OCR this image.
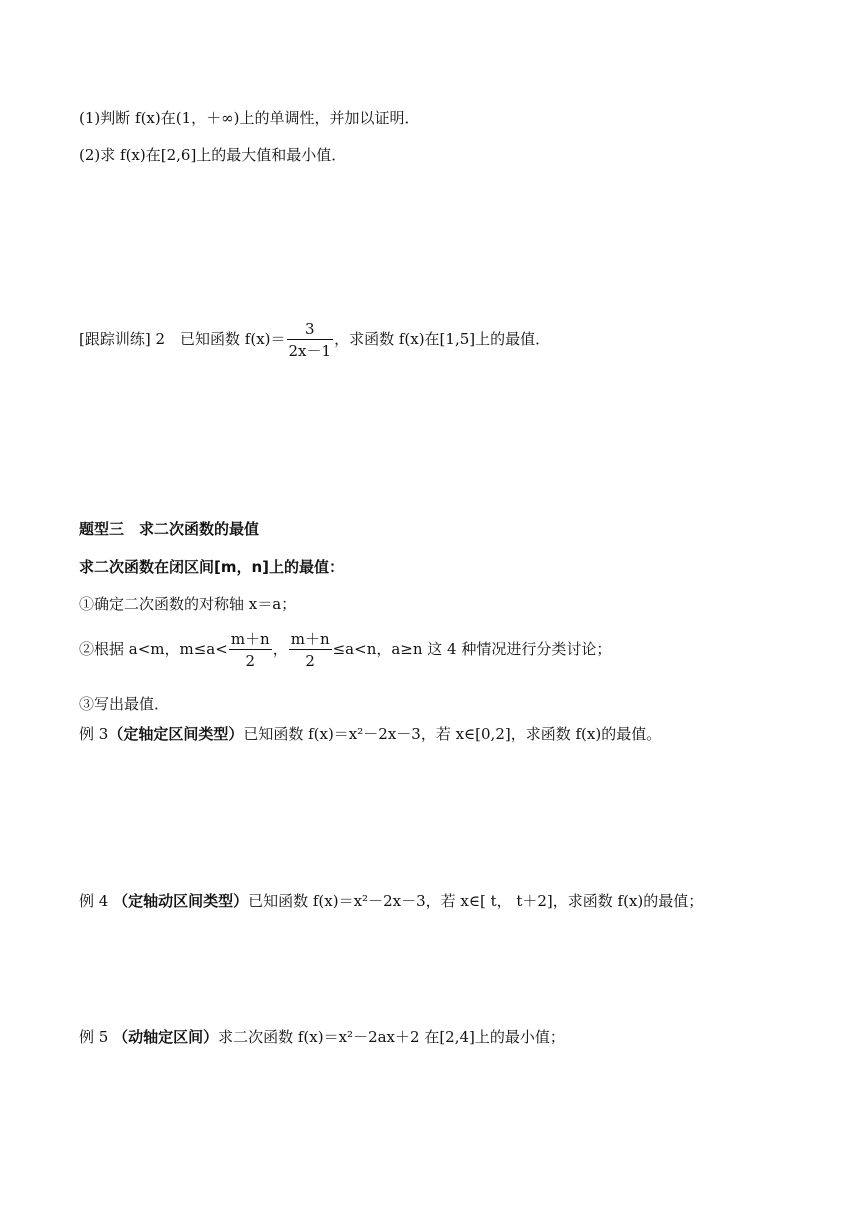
(1)判断 f(x)在(1，＋∞)上的单调性，并加以证明．
(2)求 f(x)在[2,6]上的最大值和最小值．
[跟踪训练] 2　已知函数 $f(x)= \frac{3}{2x-1}$ ，求函数 f(x)在[1,5]上的最值．
题型三　求二次函数的最值
求二次函数在闭区间[m，n]上的最值：
①确定二次函数的对称轴 x＝a；
②根据 a<m，$m\le a< \frac{m+n}{2}$ ， $\frac{m+n}{2} \le a<n$，a≥n 这 4 种情况进行分类讨论；
③写出最值．
例 3（定轴定区间类型）已知函数 f(x)＝x²－2x－3，若 x∈[0,2]，求函数 f(x)的最值。
例 4 （定轴动区间类型）已知函数 f(x)＝x²－2x－3，若 x∈[ t， t＋2]，求函数 f(x)的最值；
例 5 （动轴定区间）求二次函数 f(x)＝x²－2ax＋2 在[2,4]上的最小值；
